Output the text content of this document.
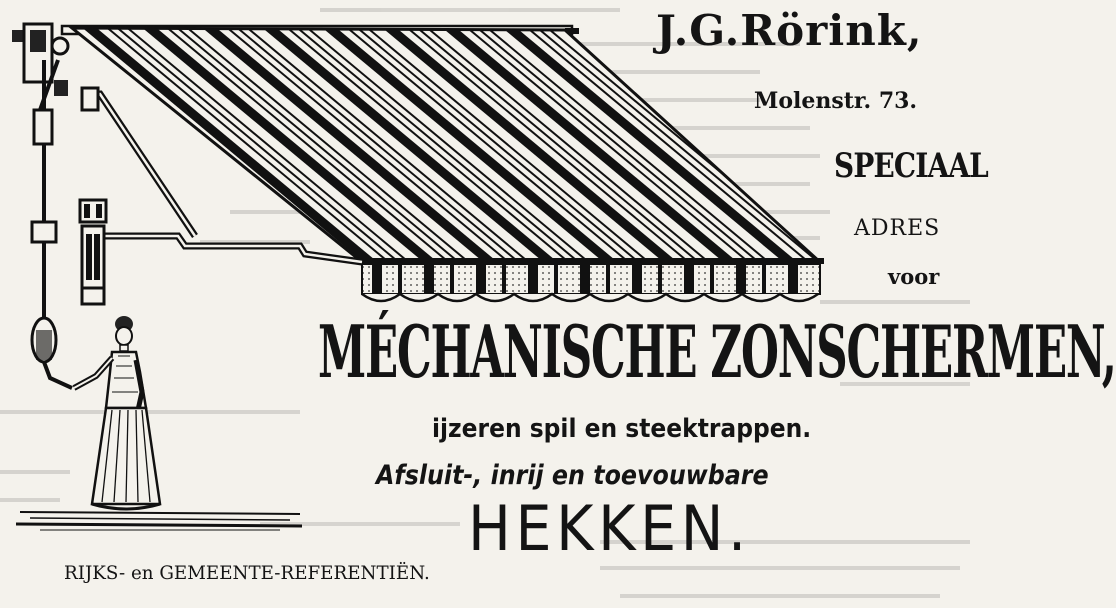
J.G.Rörink,
Molenstr. 73.
SPECIAAL
ADRES
voor
MÉCHANISCHE ZONSCHERMEN,
ijzeren spil en steektrappen.
Afsluit-, inrij en toevouwbare
HEKKEN.
RIJKS- en GEMEENTE-REFERENTIËN.
